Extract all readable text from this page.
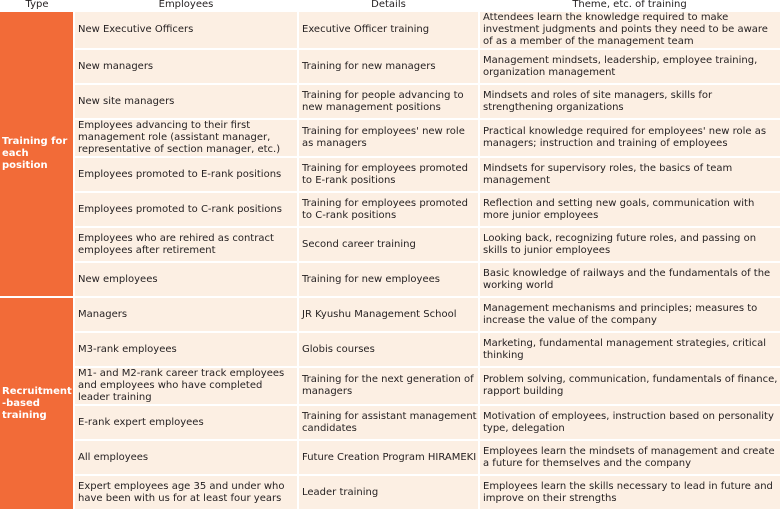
Type	Employees	Details	Theme, etc. of training
Training for each position	New Executive Officers	Executive Officer training	Attendees learn the knowledge required to make investment judgments and points they need to be aware of as a member of the management team
	New managers	Training for new managers	Management mindsets, leadership, employee training, organization management
	New site managers	Training for people advancing to new management positions	Mindsets and roles of site managers, skills for strengthening organizations
	Employees advancing to their first management role (assistant manager, representative of section manager, etc.)	Training for employees' new role as managers	Practical knowledge required for employees' new role as managers; instruction and training of employees
	Employees promoted to E-rank positions	Training for employees promoted to E-rank positions	Mindsets for supervisory roles, the basics of team management
	Employees promoted to C-rank positions	Training for employees promoted to C-rank positions	Reflection and setting new goals, communication with more junior employees
	Employees who are rehired as contract employees after retirement	Second career training	Looking back, recognizing future roles, and passing on skills to junior employees
	New employees	Training for new employees	Basic knowledge of railways and the fundamentals of the working world
Recruitment-based training	Managers	JR Kyushu Management School	Management mechanisms and principles; measures to increase the value of the company
	M3-rank employees	Globis courses	Marketing, fundamental management strategies, critical thinking
	M1- and M2-rank career track employees and employees who have completed leader training	Training for the next generation of managers	Problem solving, communication, fundamentals of finance, rapport building
	E-rank expert employees	Training for assistant management candidates	Motivation of employees, instruction based on personality type, delegation
	All employees	Future Creation Program HIRAMEKI	Employees learn the mindsets of management and create a future for themselves and the company
	Expert employees age 35 and under who have been with us for at least four years	Leader training	Employees learn the skills necessary to lead in future and improve on their strengths
